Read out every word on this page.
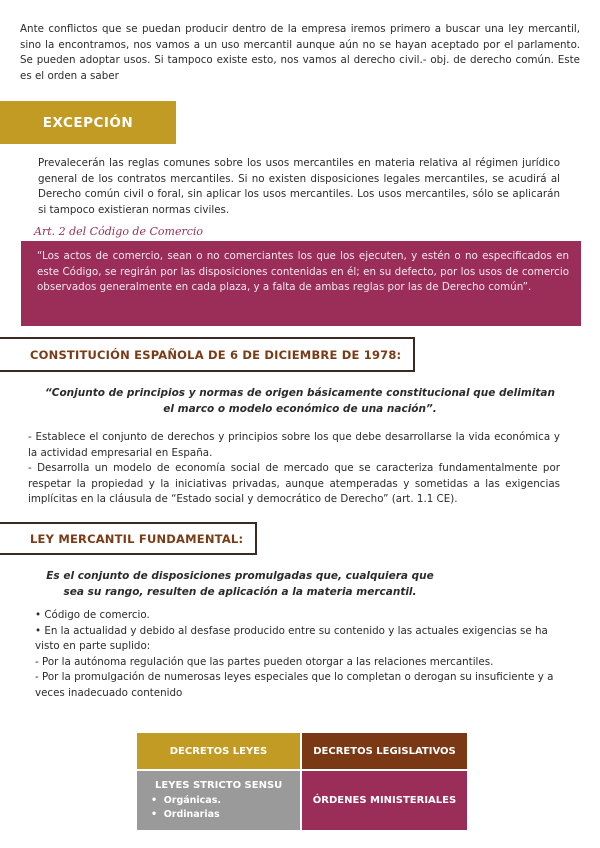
Ante conflictos que se puedan producir dentro de la empresa iremos primero a buscar una ley mercantil, sino la encontramos, nos vamos a un uso mercantil aunque aún no se hayan aceptado por el parlamento. Se pueden adoptar usos. Si tampoco existe esto, nos vamos al derecho civil.- obj. de derecho común. Este es el orden a saber

EXCEPCIÓN

Prevalecerán las reglas comunes sobre los usos mercantiles en materia relativa al régimen jurídico general de los contratos mercantiles. Si no existen disposiciones legales mercantiles, se acudirá al Derecho común civil o foral, sin aplicar los usos mercantiles. Los usos mercantiles, sólo se aplicarán si tampoco existieran normas civiles.

Art. 2 del Código de Comercio

“Los actos de comercio, sean o no comerciantes los que los ejecuten, y estén o no especificados en este Código, se regirán por las disposiciones contenidas en él; en su defecto, por los usos de comercio observados generalmente en cada plaza, y a falta de ambas reglas por las de Derecho común”.

CONSTITUCIÓN ESPAÑOLA DE 6 DE DICIEMBRE DE 1978:

“Conjunto de principios y normas de origen básicamente constitucional que delimitan el marco o modelo económico de una nación”.

- Establece el conjunto de derechos y principios sobre los que debe desarrollarse la vida económica y la actividad empresarial en España.

- Desarrolla un modelo de economía social de mercado que se caracteriza fundamentalmente por respetar la propiedad y la iniciativas privadas, aunque atemperadas y sometidas a las exigencias implícitas en la cláusula de “Estado social y democrático de Derecho” (art. 1.1 CE).

LEY MERCANTIL FUNDAMENTAL:

Es el conjunto de disposiciones promulgadas que, cualquiera que sea su rango, resulten de aplicación a la materia mercantil.

• Código de comercio.

• En la actualidad y debido al desfase producido entre su contenido y las actuales exigencias se ha visto en parte suplido:

- Por la autónoma regulación que las partes pueden otorgar a las relaciones mercantiles.

- Por la promulgación de numerosas leyes especiales que lo completan o derogan su insuficiente y a veces inadecuado contenido

DECRETOS LEYES	DECRETOS LEGISLATIVOS
LEYES STRICTO SENSU
•  Orgánicas.
•  Ordinarias
ÓRDENES MINISTERIALES
